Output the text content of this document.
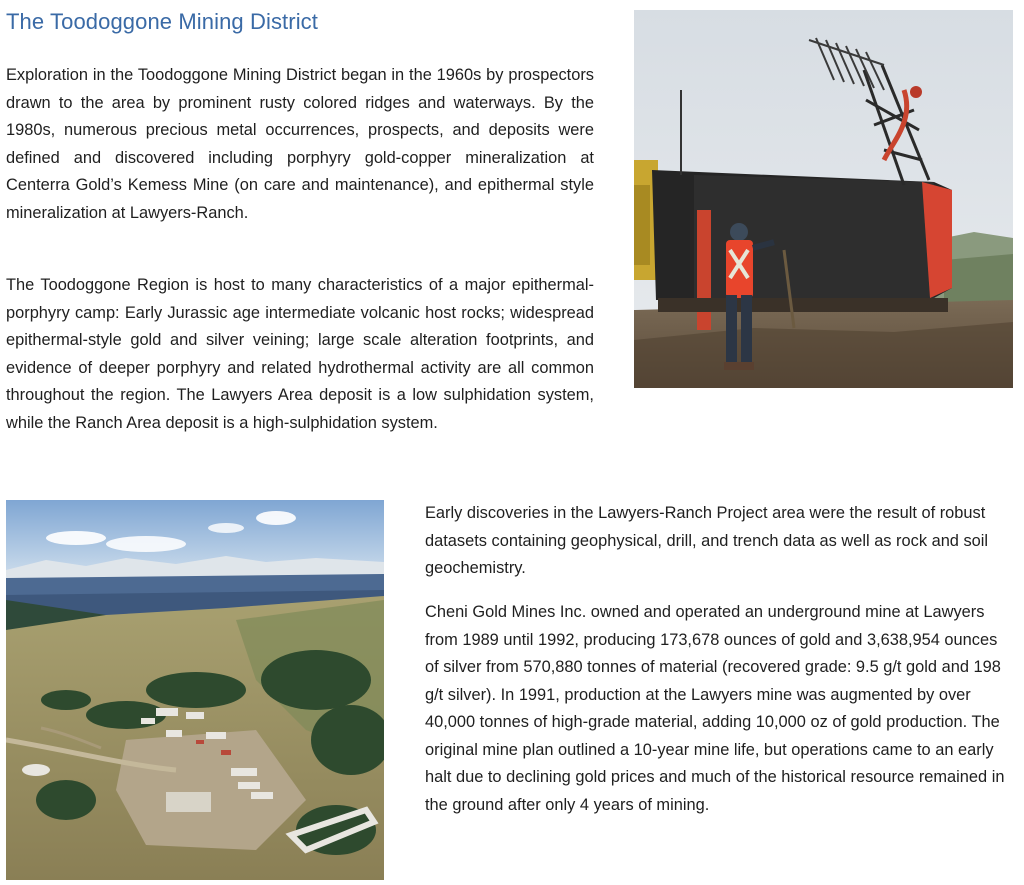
The Toodoggone Mining District

Exploration in the Toodoggone Mining District began in the 1960s by prospectors drawn to the area by prominent rusty colored ridges and waterways. By the 1980s, numerous precious metal occurrences, prospects, and deposits were defined and discovered including porphyry gold-copper mineralization at Centerra Gold’s Kemess Mine (on care and maintenance), and epithermal style mineralization at Lawyers-Ranch.

The Toodoggone Region is host to many characteristics of a major epithermal-porphyry camp: Early Jurassic age intermediate volcanic host rocks; widespread epithermal-style gold and silver veining; large scale alteration footprints, and evidence of deeper porphyry and related hydrothermal activity are all common throughout the region. The Lawyers Area deposit is a low sulphidation system, while the Ranch Area deposit is a high-sulphidation system.

Early discoveries in the Lawyers-Ranch Project area were the result of robust datasets containing geophysical, drill, and trench data as well as rock and soil geochemistry.

Cheni Gold Mines Inc. owned and operated an underground mine at Lawyers from 1989 until 1992, producing 173,678 ounces of gold and 3,638,954 ounces of silver from 570,880 tonnes of material (recovered grade: 9.5 g/t gold and 198 g/t silver). In 1991, production at the Lawyers mine was augmented by over 40,000 tonnes of high-grade material, adding 10,000 oz of gold production. The original mine plan outlined a 10-year mine life, but operations came to an early halt due to declining gold prices and much of the historical resource remained in the ground after only 4 years of mining.
